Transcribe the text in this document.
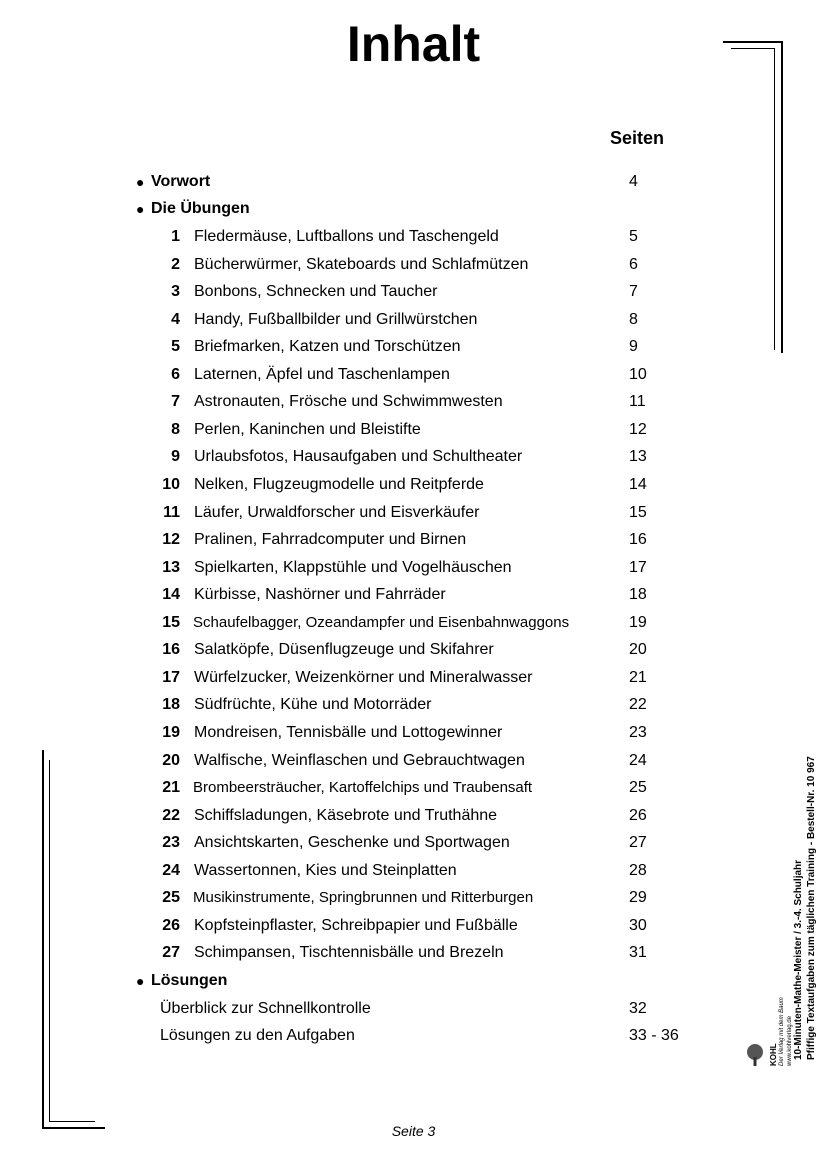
Inhalt
Seiten
● Vorwort	4
● Die Übungen
1 Fledermäuse, Luftballons und Taschengeld	5
2 Bücherwürmer, Skateboards und Schlafmützen	6
3 Bonbons, Schnecken und Taucher	7
4 Handy, Fußballbilder und Grillwürstchen	8
5 Briefmarken, Katzen und Torschützen	9
6 Laternen, Äpfel und Taschenlampen	10
7 Astronauten, Frösche und Schwimmwesten	11
8 Perlen, Kaninchen und Bleistifte	12
9 Urlaubsfotos, Hausaufgaben und Schultheater	13
10 Nelken, Flugzeugmodelle und Reitpferde	14
11 Läufer, Urwaldforscher und Eisverkäufer	15
12 Pralinen, Fahrradcomputer und Birnen	16
13 Spielkarten, Klappstühle und Vogelhäuschen	17
14 Kürbisse, Nashörner und Fahrräder	18
15 Schaufelbagger, Ozeandampfer und Eisenbahnwaggons	19
16 Salatköpfe, Düsenflugzeuge und Skifahrer	20
17 Würfelzucker, Weizenkörner und Mineralwasser	21
18 Südfrüchte, Kühe und Motorräder	22
19 Mondreisen, Tennisbälle und Lottogewinner	23
20 Walfische, Weinflaschen und Gebrauchtwagen	24
21 Brombeersträucher, Kartoffelchips und Traubensaft	25
22 Schiffsladungen, Käsebrote und Truthähne	26
23 Ansichtskarten, Geschenke und Sportwagen	27
24 Wassertonnen, Kies und Steinplatten	28
25 Musikinstrumente, Springbrunnen und Ritterburgen	29
26 Kopfsteinpflaster, Schreibpapier und Fußbälle	30
27 Schimpansen, Tischtennisbälle und Brezeln	31
● Lösungen
Überblick zur Schnellkontrolle	32
Lösungen zu den Aufgaben	33 - 36
Seite 3
10-Minuten-Mathe-Meister / 3.-4. Schuljahr Pfiffige Textaufgaben zum täglichen Training - Bestell-Nr. 10 967
KOHL Der Verlag mit dem Baum www.kohlverlag.de
